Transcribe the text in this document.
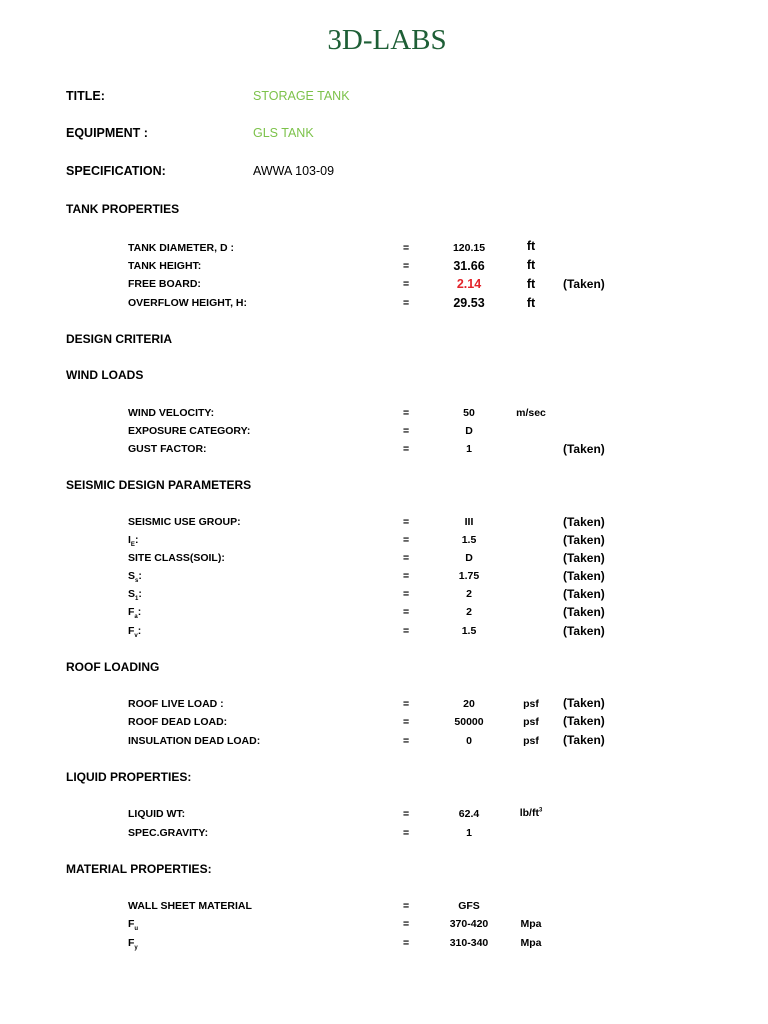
3D-LABS
TITLE:	STORAGE TANK
EQUIPMENT :	GLS TANK
SPECIFICATION:	AWWA 103-09
TANK PROPERTIES
TANK DIAMETER, D :	=	120.15	ft
TANK HEIGHT:	=	31.66	ft
FREE BOARD:	=	2.14	ft	(Taken)
OVERFLOW HEIGHT, H:	=	29.53	ft
DESIGN CRITERIA
WIND LOADS
WIND VELOCITY:	=	50	m/sec
EXPOSURE CATEGORY:	=	D
GUST FACTOR:	=	1	(Taken)
SEISMIC DESIGN PARAMETERS
SEISMIC USE GROUP:	=	III	(Taken)
$I_E$:	=	1.5	(Taken)
SITE CLASS(SOIL):	=	D	(Taken)
$S_s$:	=	1.75	(Taken)
$S_1$:	=	2	(Taken)
$F_a$:	=	2	(Taken)
$F_v$:	=	1.5	(Taken)
ROOF LOADING
ROOF LIVE LOAD :	=	20	psf	(Taken)
ROOF DEAD LOAD:	=	50000	psf	(Taken)
INSULATION DEAD LOAD:	=	0	psf	(Taken)
LIQUID PROPERTIES:
LIQUID WT:	=	62.4	$lb/ft^3$
SPEC.GRAVITY:	=	1
MATERIAL PROPERTIES:
WALL SHEET MATERIAL	=	GFS
$F_u$	=	370-420	Mpa
$F_y$	=	310-340	Mpa
